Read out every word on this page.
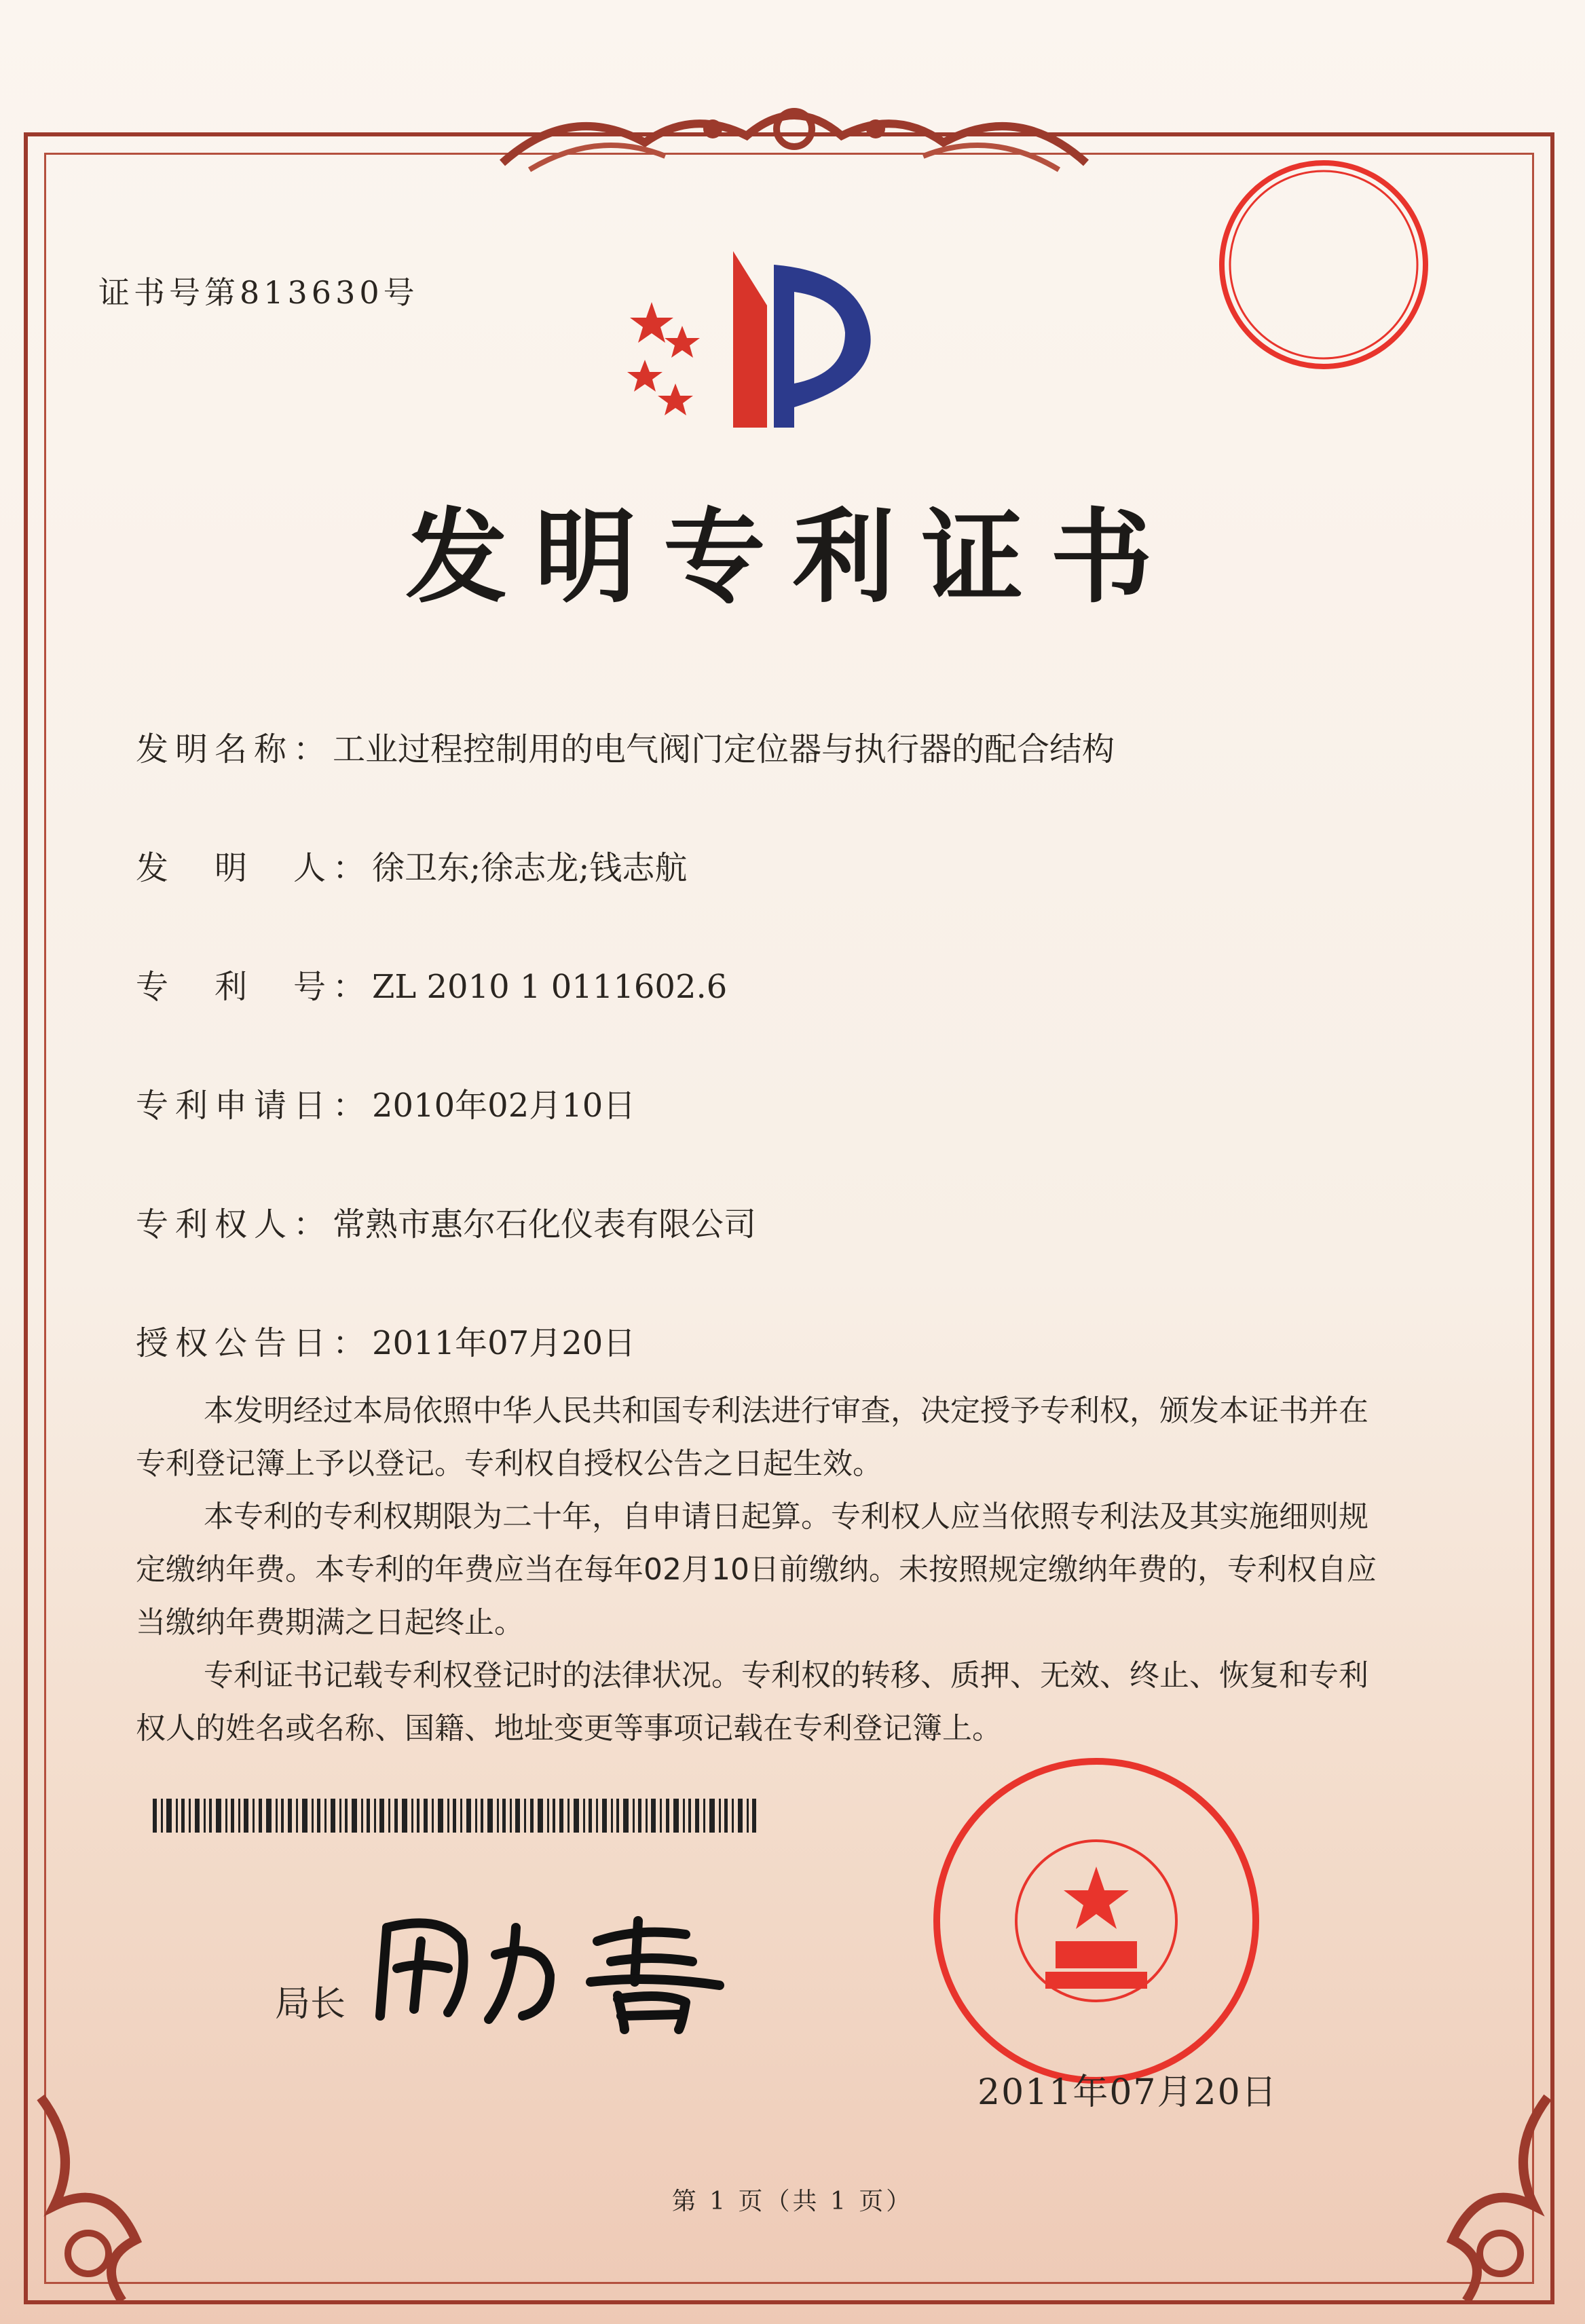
证书号第813630号
发明专利证书
发明名称：工业过程控制用的电气阀门定位器与执行器的配合结构
发　明　人：徐卫东;徐志龙;钱志航
专　利　号：ZL 2010 1 0111602.6
专利申请日：2010年02月10日
专利权人：常熟市惠尔石化仪表有限公司
授权公告日：2011年07月20日

本发明经过本局依照中华人民共和国专利法进行审查，决定授予专利权，颁发本证书并在专利登记簿上予以登记。专利权自授权公告之日起生效。

本专利的专利权期限为二十年，自申请日起算。专利权人应当依照专利法及其实施细则规定缴纳年费。本专利的年费应当在每年02月10日前缴纳。未按照规定缴纳年费的，专利权自应当缴纳年费期满之日起终止。

专利证书记载专利权登记时的法律状况。专利权的转移、质押、无效、终止、恢复和专利权人的姓名或名称、国籍、地址变更等事项记载在专利登记簿上。

局长
2011年07月20日
第 1 页（共 1 页）
